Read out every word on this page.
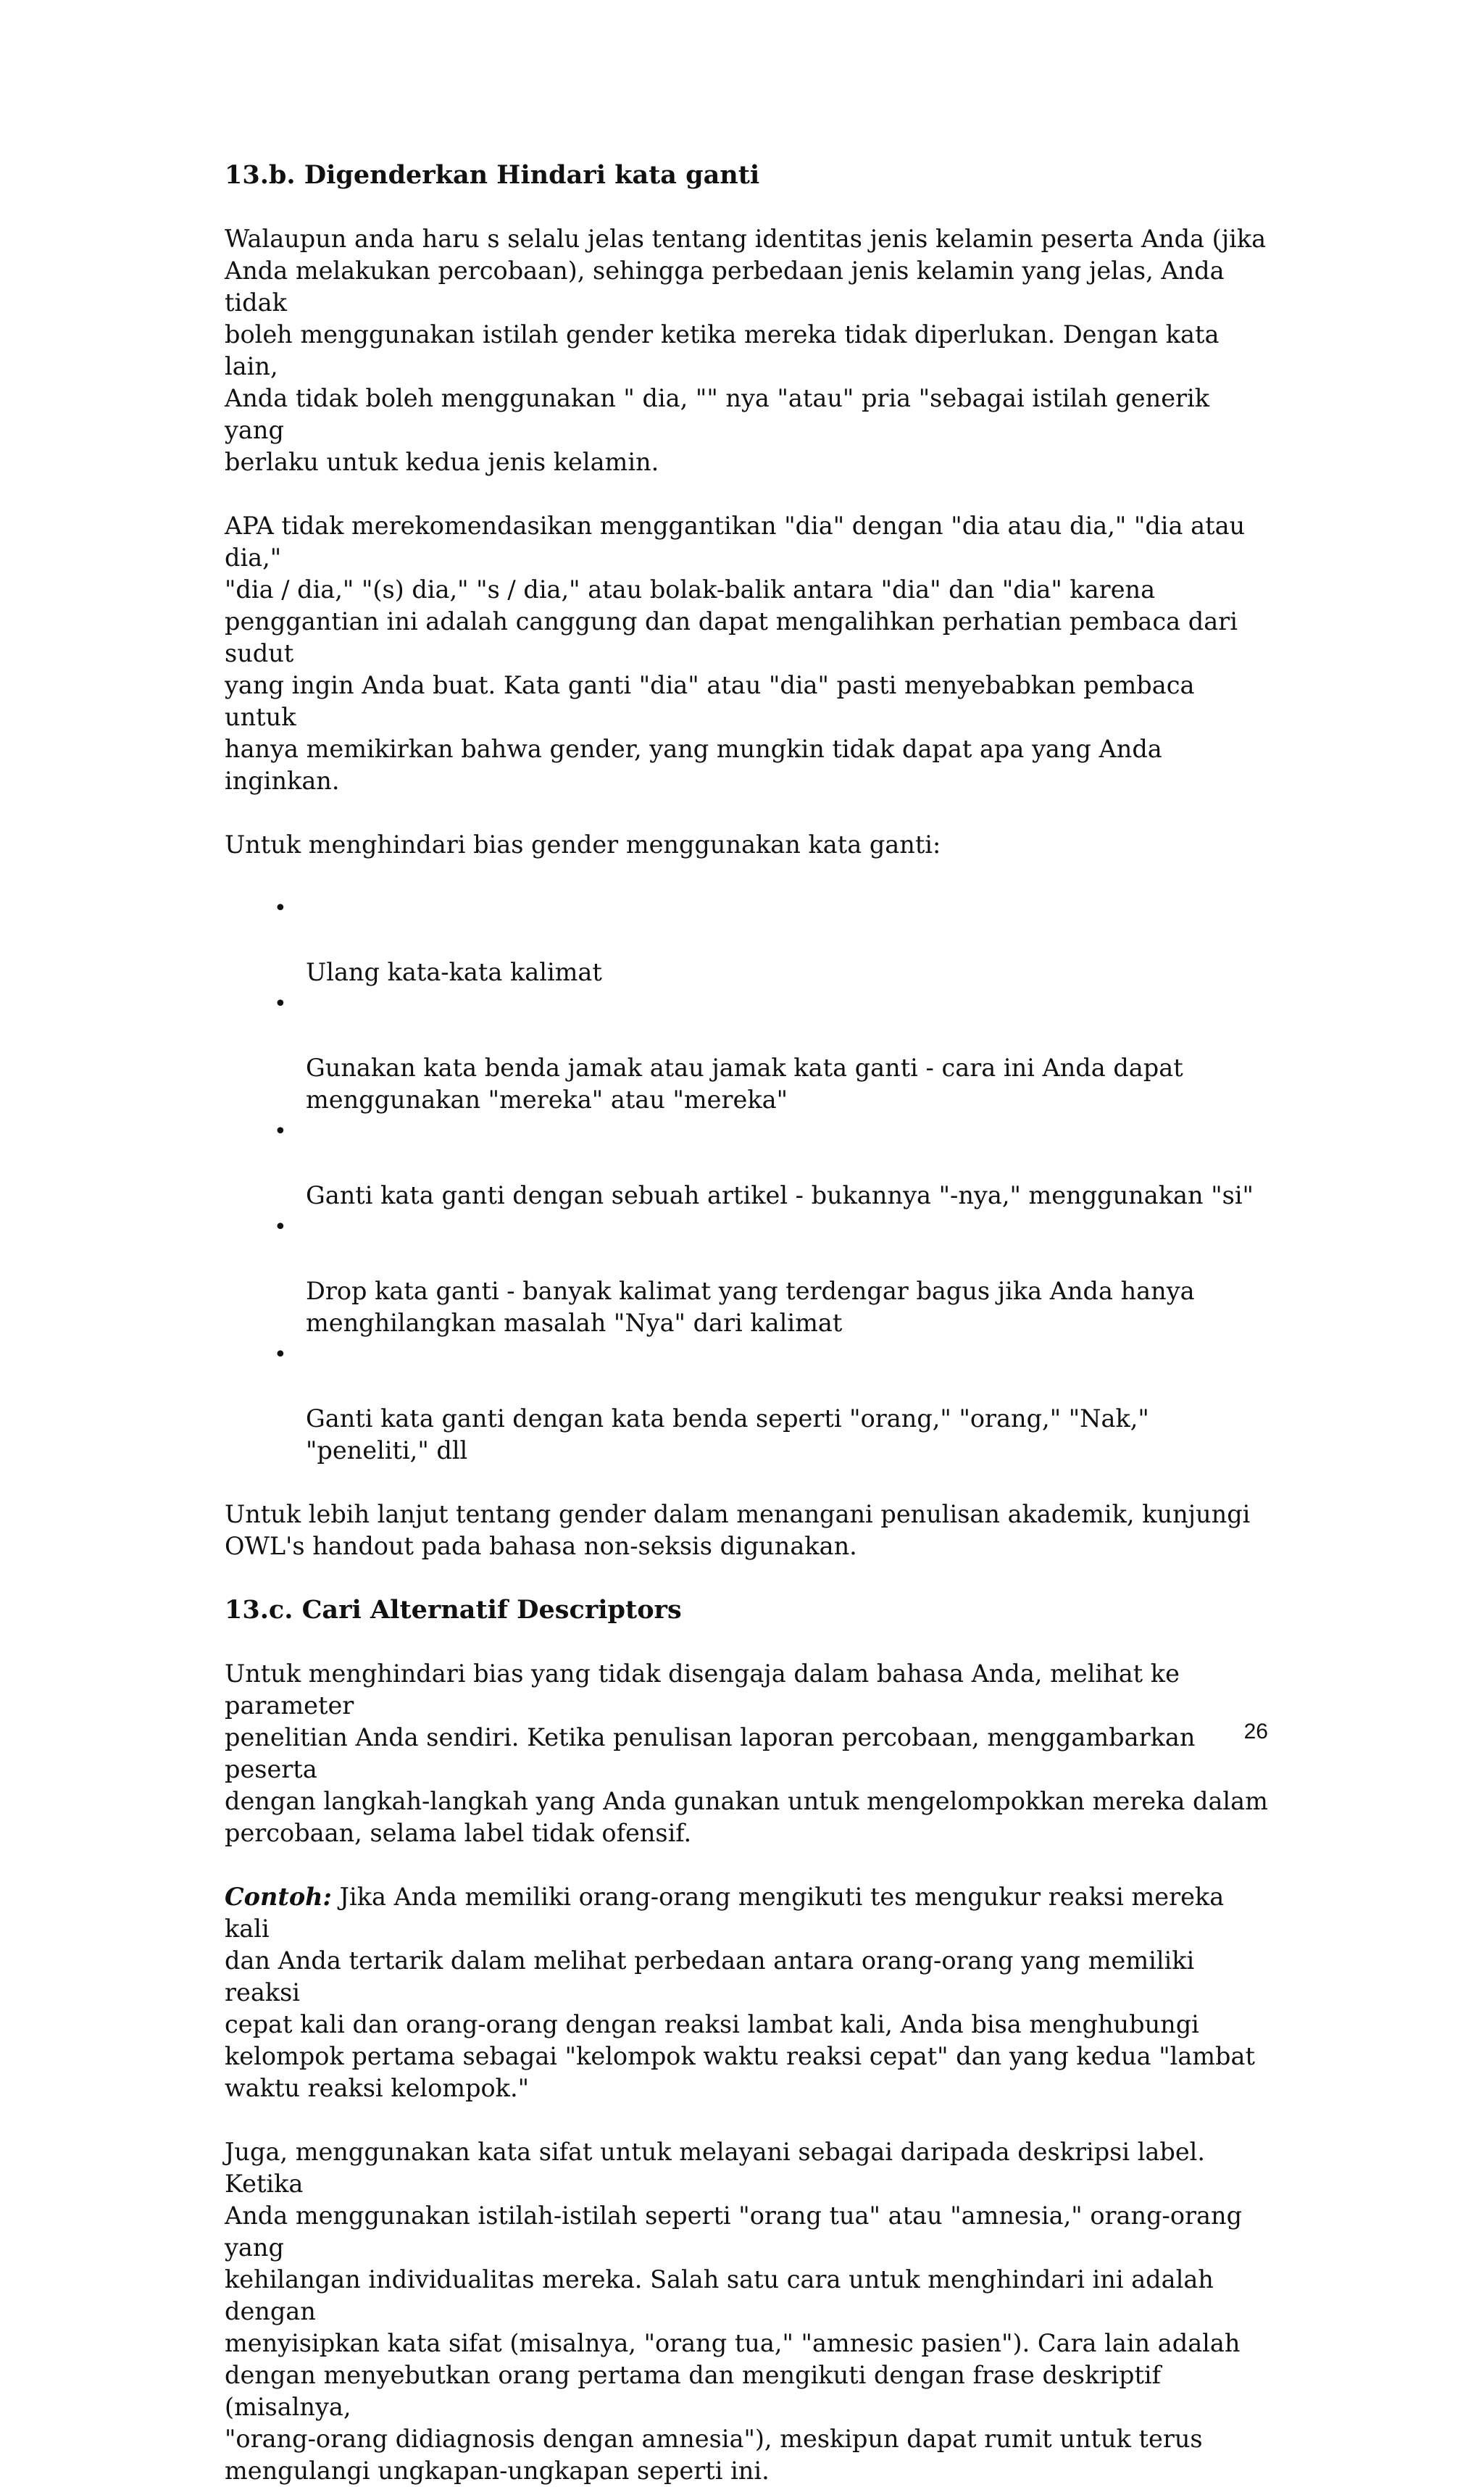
13.b. Digenderkan Hindari kata ganti

Walaupun anda haru s selalu jelas tentang identitas jenis kelamin peserta Anda (jika
Anda melakukan percobaan), sehingga perbedaan jenis kelamin yang jelas, Anda tidak
boleh menggunakan istilah gender ketika mereka tidak diperlukan. Dengan kata lain,
Anda tidak boleh menggunakan " dia, "" nya "atau" pria "sebagai istilah generik yang
berlaku untuk kedua jenis kelamin.

APA tidak merekomendasikan menggantikan "dia" dengan "dia atau dia," "dia atau dia,"
"dia / dia," "(s) dia," "s / dia," atau bolak-balik antara "dia" dan "dia" karena
penggantian ini adalah canggung dan dapat mengalihkan perhatian pembaca dari sudut
yang ingin Anda buat. Kata ganti "dia" atau "dia" pasti menyebabkan pembaca untuk
hanya memikirkan bahwa gender, yang mungkin tidak dapat apa yang Anda inginkan.

Untuk menghindari bias gender menggunakan kata ganti:

•

Ulang kata-kata kalimat

•

Gunakan kata benda jamak atau jamak kata ganti - cara ini Anda dapat
menggunakan "mereka" atau "mereka"

•

Ganti kata ganti dengan sebuah artikel - bukannya "-nya," menggunakan "si"

•

Drop kata ganti - banyak kalimat yang terdengar bagus jika Anda hanya
menghilangkan masalah "Nya" dari kalimat

•

Ganti kata ganti dengan kata benda seperti "orang," "orang," "Nak," "peneliti," dll

Untuk lebih lanjut tentang gender dalam menangani penulisan akademik, kunjungi
OWL's handout pada bahasa non-seksis digunakan.

13.c. Cari Alternatif Descriptors

Untuk menghindari bias yang tidak disengaja dalam bahasa Anda, melihat ke parameter
penelitian Anda sendiri. Ketika penulisan laporan percobaan, menggambarkan peserta
dengan langkah-langkah yang Anda gunakan untuk mengelompokkan mereka dalam
percobaan, selama label tidak ofensif.

Contoh: Jika Anda memiliki orang-orang mengikuti tes mengukur reaksi mereka kali
dan Anda tertarik dalam melihat perbedaan antara orang-orang yang memiliki reaksi
cepat kali dan orang-orang dengan reaksi lambat kali, Anda bisa menghubungi
kelompok pertama sebagai "kelompok waktu reaksi cepat" dan yang kedua "lambat
waktu reaksi kelompok."

Juga, menggunakan kata sifat untuk melayani sebagai daripada deskripsi label. Ketika
Anda menggunakan istilah-istilah seperti "orang tua" atau "amnesia," orang-orang yang
kehilangan individualitas mereka. Salah satu cara untuk menghindari ini adalah dengan
menyisipkan kata sifat (misalnya, "orang tua," "amnesic pasien"). Cara lain adalah
dengan menyebutkan orang pertama dan mengikuti dengan frase deskriptif (misalnya,
"orang-orang didiagnosis dengan amnesia"), meskipun dapat rumit untuk terus
mengulangi ungkapan-ungkapan seperti ini.

26
